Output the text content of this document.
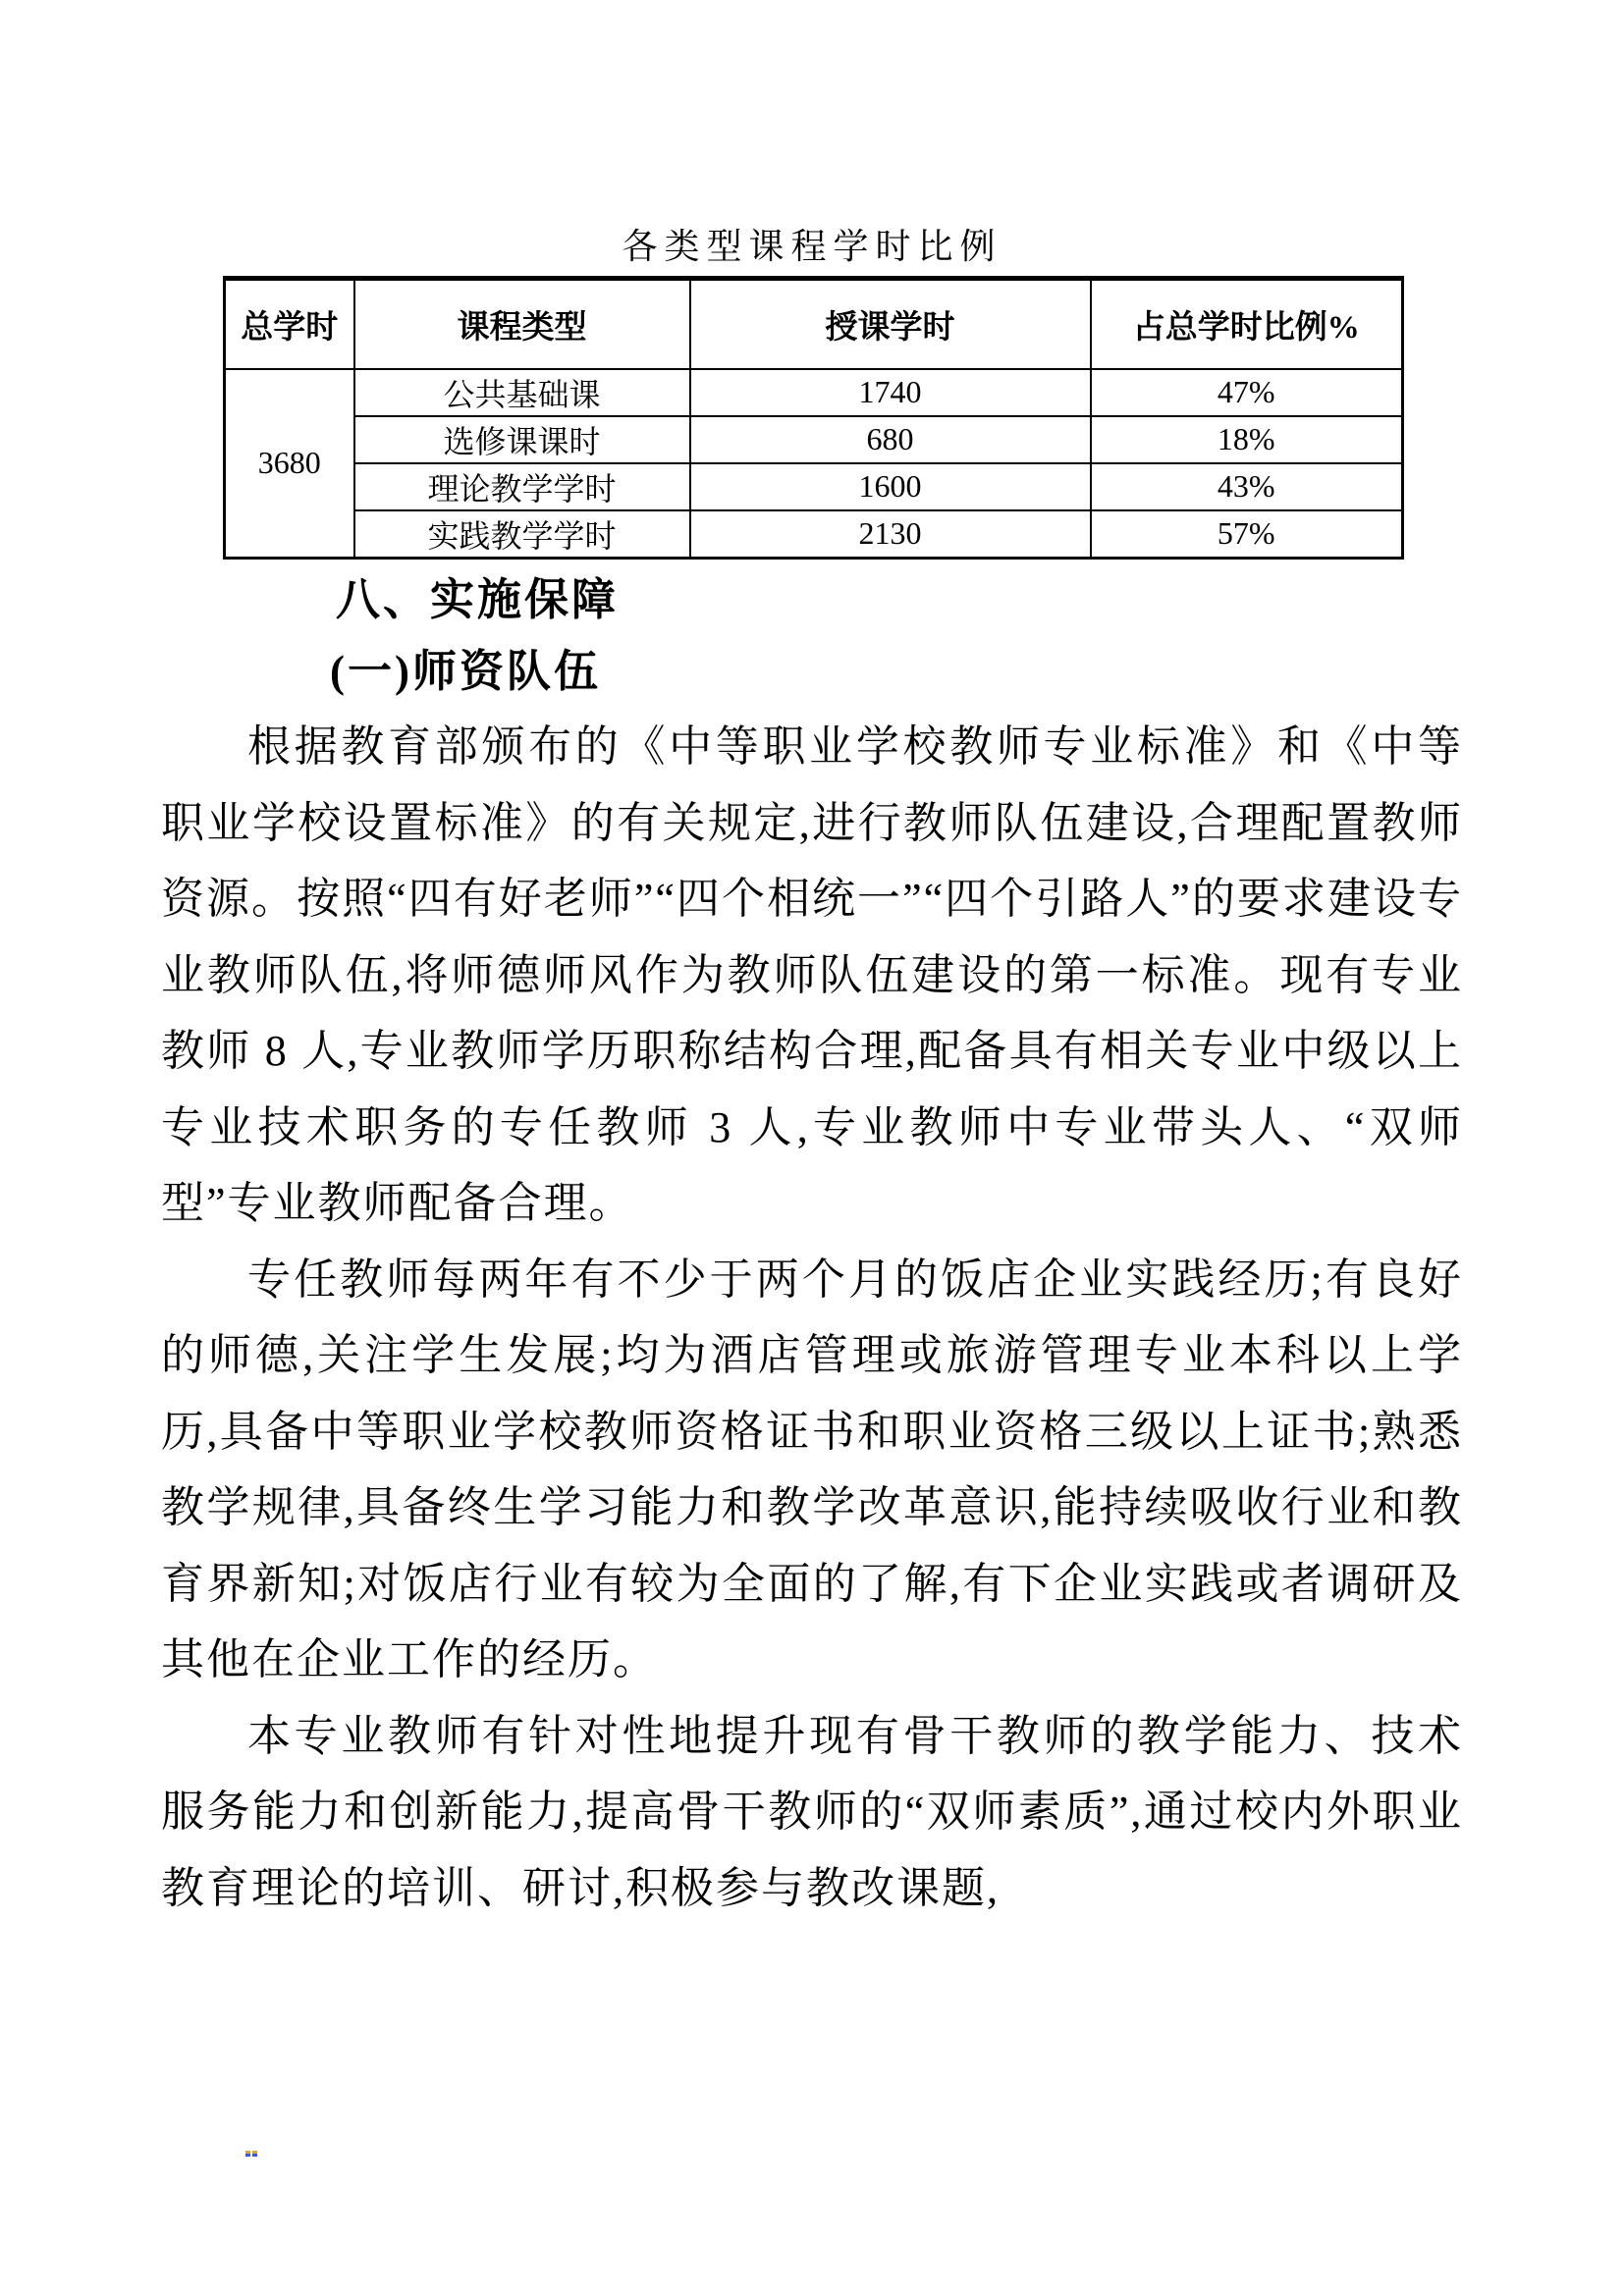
各类型课程学时比例
总学时	课程类型	授课学时	占总学时比例%
3680	公共基础课	1740	47%
	选修课课时	680	18%
	理论教学学时	1600	43%
	实践教学学时	2130	57%
八、实施保障
(一)师资队伍

根据教育部颁布的《中等职业学校教师专业标准》和《中等职业学校设置标准》的有关规定,进行教师队伍建设,合理配置教师资源。按照“四有好老师”“四个相统一”“四个引路人”的要求建设专业教师队伍,将师德师风作为教师队伍建设的第一标准。现有专业教师 8 人,专业教师学历职称结构合理,配备具有相关专业中级以上专业技术职务的专任教师 3 人,专业教师中专业带头人、“双师型”专业教师配备合理。

专任教师每两年有不少于两个月的饭店企业实践经历;有良好的师德,关注学生发展;均为酒店管理或旅游管理专业本科以上学历,具备中等职业学校教师资格证书和职业资格三级以上证书;熟悉教学规律,具备终生学习能力和教学改革意识,能持续吸收行业和教育界新知;对饭店行业有较为全面的了解,有下企业实践或者调研及其他在企业工作的经历。

本专业教师有针对性地提升现有骨干教师的教学能力、技术服务能力和创新能力,提高骨干教师的“双师素质”,通过校内外职业教育理论的培训、研讨,积极参与教改课题,
